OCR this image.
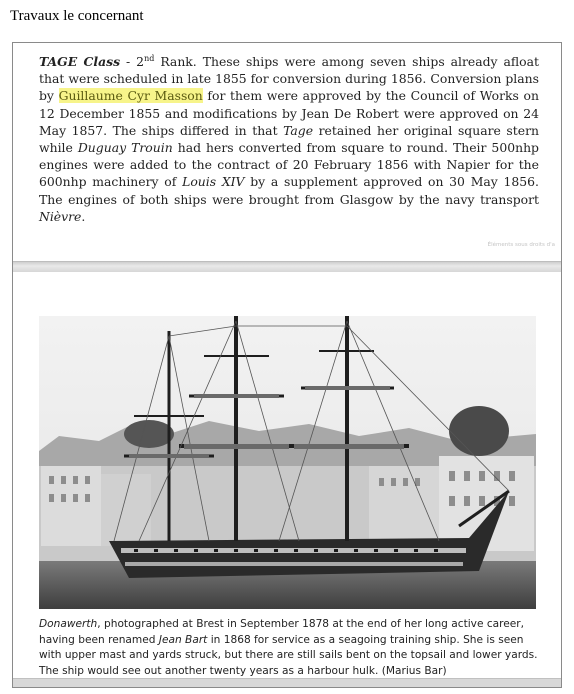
Travaux le concernant

TAGE Class - 2nd Rank. These ships were among seven ships already afloat that were scheduled in late 1855 for conversion during 1856. Conversion plans by Guillaume Cyr Masson for them were approved by the Council of Works on 12 December 1855 and modifications by Jean De Robert were approved on 24 May 1857. The ships differed in that Tage retained her original square stern while Duguay Trouin had hers converted from square to round. Their 500nhp engines were added to the contract of 20 February 1856 with Napier for the 600nhp machinery of Louis XIV by a supplement approved on 30 May 1856. The engines of both ships were brought from Glasgow by the navy transport Nièvre.

Éléments sous droits d'a

Donawerth, photographed at Brest in September 1878 at the end of her long active career, having been renamed Jean Bart in 1868 for service as a seagoing training ship. She is seen with upper mast and yards struck, but there are still sails bent on the topsail and lower yards. The ship would see out another twenty years as a harbour hulk. (Marius Bar)
